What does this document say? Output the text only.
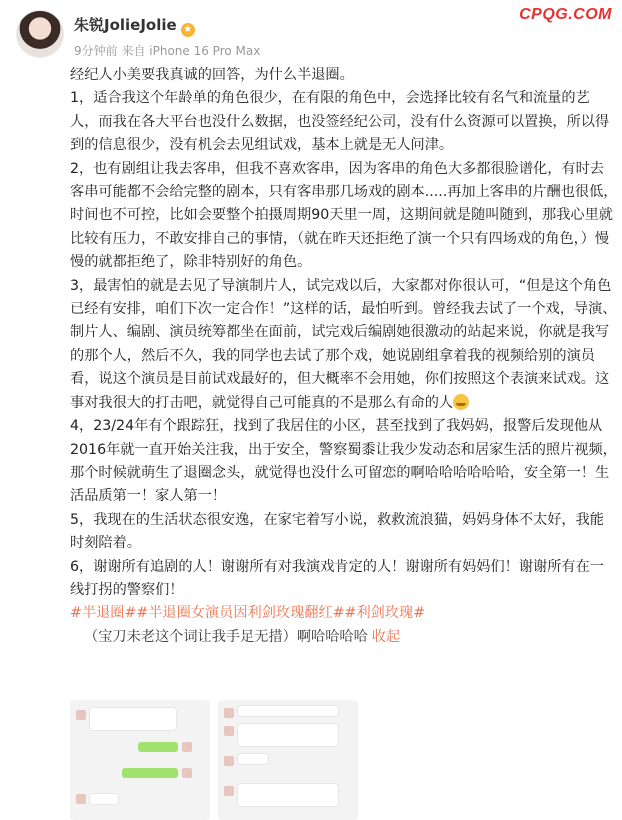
朱锐JolieJolie ★
9分钟前 来自 iPhone 16 Pro Max
CPQG.COM

经纪人小美要我真诚的回答，为什么半退圈。

1，适合我这个年龄单的角色很少，在有限的角色中，会选择比较有名气和流量的艺人，而我在各大平台也没什么数据，也没签经纪公司，没有什么资源可以置换，所以得到的信息很少，没有机会去见组试戏，基本上就是无人问津。

2，也有剧组让我去客串，但我不喜欢客串，因为客串的角色大多都很脸谱化，有时去客串可能都不会给完整的剧本，只有客串那几场戏的剧本.....再加上客串的片酬也很低，时间也不可控，比如会要整个拍摄周期90天里一周，这期间就是随叫随到，那我心里就比较有压力，不敢安排自己的事情，（就在昨天还拒绝了演一个只有四场戏的角色，）慢慢的就都拒绝了，除非特别好的角色。

3，最害怕的就是去见了导演制片人，试完戏以后，大家都对你很认可，“但是这个角色已经有安排，咱们下次一定合作！”这样的话，最怕听到。曾经我去试了一个戏，导演、制片人、编剧、演员统筹都坐在面前，试完戏后编剧她很激动的站起来说，你就是我写的那个人，然后不久，我的同学也去试了那个戏，她说剧组拿着我的视频给别的演员看，说这个演员是目前试戏最好的，但大概率不会用她，你们按照这个表演来试戏。这事对我很大的打击吧，就觉得自己可能真的不是那么有命的人

4，23/24年有个跟踪狂，找到了我居住的小区，甚至找到了我妈妈，报警后发现他从2016年就一直开始关注我，出于安全，警察蜀黍让我少发动态和居家生活的照片视频，那个时候就萌生了退圈念头，就觉得也没什么可留恋的啊哈哈哈哈哈哈，安全第一！生活品质第一！家人第一！

5，我现在的生活状态很安逸，在家宅着写小说，救救流浪猫，妈妈身体不太好，我能时刻陪着。

6，谢谢所有追剧的人！谢谢所有对我演戏肯定的人！谢谢所有妈妈们！谢谢所有在一线打拐的警察们！

#半退圈##半退圈女演员因利剑玫瑰翻红##利剑玫瑰#

（宝刀未老这个词让我手足无措）啊哈哈哈哈 收起
